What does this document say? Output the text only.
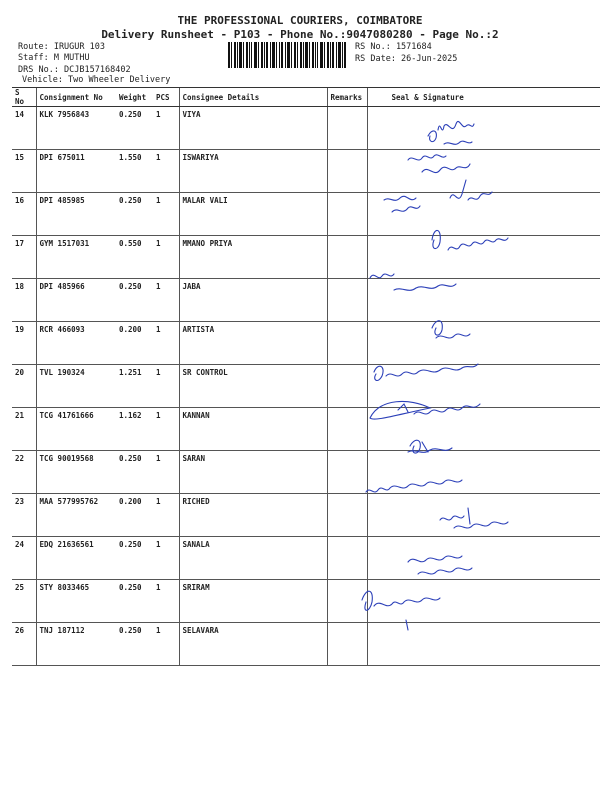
THE PROFESSIONAL COURIERS, COIMBATORE
Delivery Runsheet - P103 - Phone No.:9047080280 - Page No.:2
Route: IRUGUR 103
Staff: M MUTHU
DRS No.: DCJB157168402
Vehicle: Two Wheeler Delivery
RS No.: 1571684
RS Date: 26-Jun-2025
S No	Consignment No	Weight	PCS	Consignee Details	Remarks	Seal & Signature
14	KLK 7956843	0.250	1	VIYA		
15	DPI 675011	1.550	1	ISWARIYA		
16	DPI 485985	0.250	1	MALAR VALI		
17	GYM 1517031	0.550	1	MMANO PRIYA		
18	DPI 485966	0.250	1	JABA		
19	RCR 466093	0.200	1	ARTISTA		
20	TVL 190324	1.251	1	SR CONTROL		
21	TCG 41761666	1.162	1	KANNAN		
22	TCG 90019568	0.250	1	SARAN		
23	MAA 577995762	0.200	1	RICHED		
24	EDQ 21636561	0.250	1	SANALA		
25	STY 8033465	0.250	1	SRIRAM		
26	TNJ 187112	0.250	1	SELAVARA		
